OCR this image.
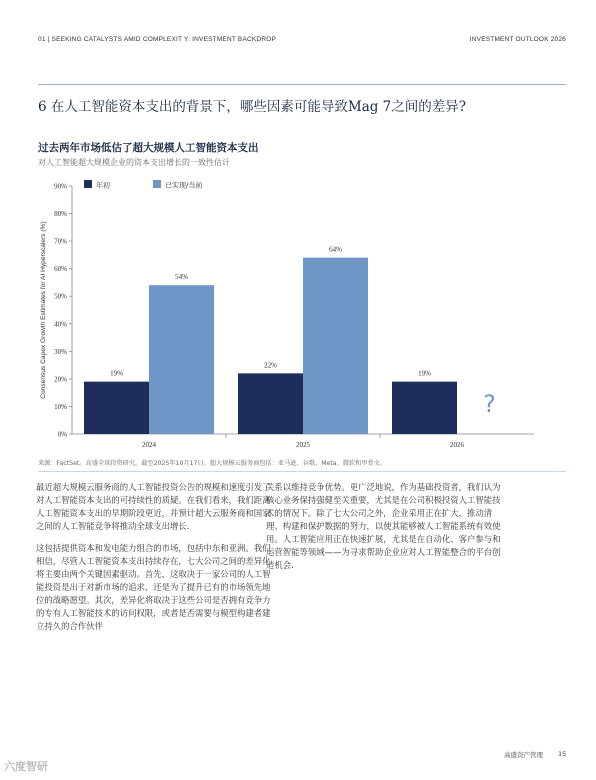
01 | SEEKING CATALYSTS AMID COMPLEXIT Y: INVESTMENT BACKDROP	INVESTMENT OUTLOOK 2026
6 在人工智能资本支出的背景下，哪些因素可能导致Mag 7之间的差异?
过去两年市场低估了超大规模人工智能资本支出
对人工智能超大规模企业的资本支出增长的一致性估计
0%
10%
20%
30%
40%
50%
60%
70%
80%
90%
Consensus Capex Growth Estimates for AI Hyperscalers (%)
2024
19%
54%
2025
22%
64%
2026
19%
?
年初	已实现/当前
来源：FactSet。高盛全球投资研究。截至2025年10月17日。超大规模云服务商包括：亚马逊、谷歌、Meta、微软和甲骨文。

最近超大规模云服务商的人工智能投资公告的规模和速度引发了对人工智能资本支出的可持续性的质疑。在我们看来，我们距离人工智能资本支出的早期阶段更近，并预计超大云服务商和国家之间的人工智能竞争将推动全球支出增长.

这包括提供资本和发电能力组合的市场，包括中东和亚洲。我们相信，尽管人工智能资本支出持续存在，七大公司之间的差异化将主要由两个关键因素驱动。首先，这取决于一家公司的人工智能投资是出于对新市场的追求，还是为了提升已有的市场领先地位的战略愿望。其次，差异化将取决于这些公司是否拥有竞争力的专有人工智能技术的访问权限，或者是否需要与模型构建者建立持久的合作伙伴

关系以维持竞争优势。更广泛地说，作为基础投资者，我们认为核心业务保持强健至关重要，尤其是在公司积极投资人工智能技术的情况下。除了七大公司之外，企业采用正在扩大，推动清理、构建和保护数据的努力，以使其能够被人工智能系统有效使用。人工智能应用正在快速扩展，尤其是在自动化、客户参与和运营智能等领域——为寻求帮助企业应对人工智能整合的平台创造机会.

高盛资产管理 15
六度智研
